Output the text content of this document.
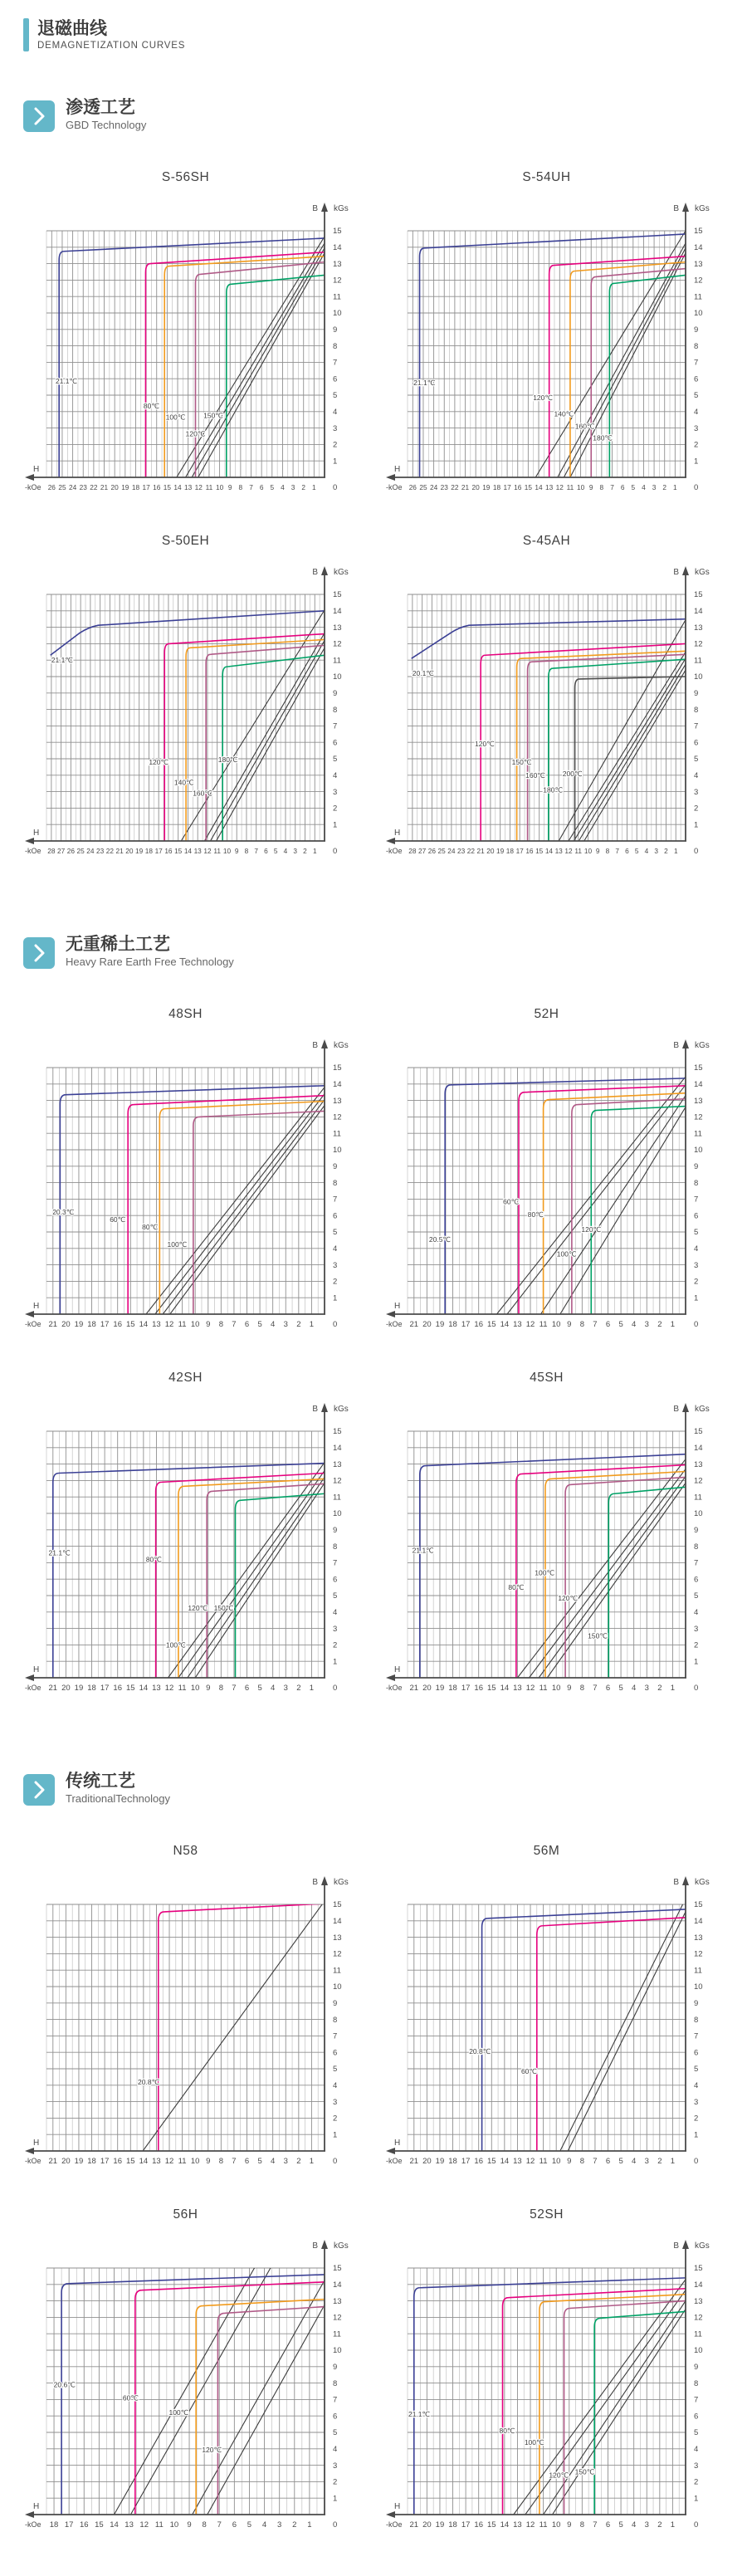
退磁曲线
DEMAGNETIZATION CURVES
渗透工艺
GBD Technology
S-56SH
21.1℃
80℃
100℃
120℃
150℃
B kGs
H
-kOe
1
2
3
4
5
6
7
8
9
10
11
12
13
14
15
0
1
2
3
4
5
6
7
8
9
10
11
12
13
14
15
16
17
18
19
20
21
22
23
24
25
26
S-54UH
21.1℃
120℃
140℃
160℃
180℃
B kGs
H
-kOe
1
2
3
4
5
6
7
8
9
10
11
12
13
14
15
0
1
2
3
4
5
6
7
8
9
10
11
12
13
14
15
16
17
18
19
20
21
22
23
24
25
26
S-50EH
21.1℃
120℃
140℃
160℃
180℃
B kGs
H
-kOe
1
2
3
4
5
6
7
8
9
10
11
12
13
14
15
0
1
2
3
4
5
6
7
8
9
10
11
12
13
14
15
16
17
18
19
20
21
22
23
24
25
26
27
28
S-45AH
20.1℃
120℃
150℃
160℃
180℃
200℃
B kGs
H
-kOe
1
2
3
4
5
6
7
8
9
10
11
12
13
14
15
0
1
2
3
4
5
6
7
8
9
10
11
12
13
14
15
16
17
18
19
20
21
22
23
24
25
26
27
28
无重稀土工艺
Heavy Rare Earth Free Technology
48SH
20.3℃
60℃
80℃
100℃
B kGs
H
-kOe
1
2
3
4
5
6
7
8
9
10
11
12
13
14
15
0
1
2
3
4
5
6
7
8
9
10
11
12
13
14
15
16
17
18
19
20
21
52H
20.5℃
60℃
80℃
100℃
120℃
B kGs
H
-kOe
1
2
3
4
5
6
7
8
9
10
11
12
13
14
15
0
1
2
3
4
5
6
7
8
9
10
11
12
13
14
15
16
17
18
19
20
21
42SH
21.1℃
80℃
100℃
120℃ 150℃
B kGs
H
-kOe
1
2
3
4
5
6
7
8
9
10
11
12
13
14
15
0
1
2
3
4
5
6
7
8
9
10
11
12
13
14
15
16
17
18
19
20
21
45SH
21.1℃
80℃
100℃
120℃
150℃
B kGs
H
-kOe
1
2
3
4
5
6
7
8
9
10
11
12
13
14
15
0
1
2
3
4
5
6
7
8
9
10
11
12
13
14
15
16
17
18
19
20
21
传统工艺
TraditionalTechnology
N58
20.8℃
B kGs
H
-kOe
1
2
3
4
5
6
7
8
9
10
11
12
13
14
15
0
1
2
3
4
5
6
7
8
9
10
11
12
13
14
15
16
17
18
19
20
21
56M
20.8℃
60℃
B kGs
H
-kOe
1
2
3
4
5
6
7
8
9
10
11
12
13
14
15
0
1
2
3
4
5
6
7
8
9
10
11
12
13
14
15
16
17
18
19
20
21
56H
20.6℃
60℃
100℃
120℃
B kGs
H
-kOe
1
2
3
4
5
6
7
8
9
10
11
12
13
14
15
0
1
2
3
4
5
6
7
8
9
10
11
12
13
14
15
16
17
18
52SH
21.1℃
80℃
100℃
120℃ 150℃
B kGs
H
-kOe
1
2
3
4
5
6
7
8
9
10
11
12
13
14
15
0
1
2
3
4
5
6
7
8
9
10
11
12
13
14
15
16
17
18
19
20
21
